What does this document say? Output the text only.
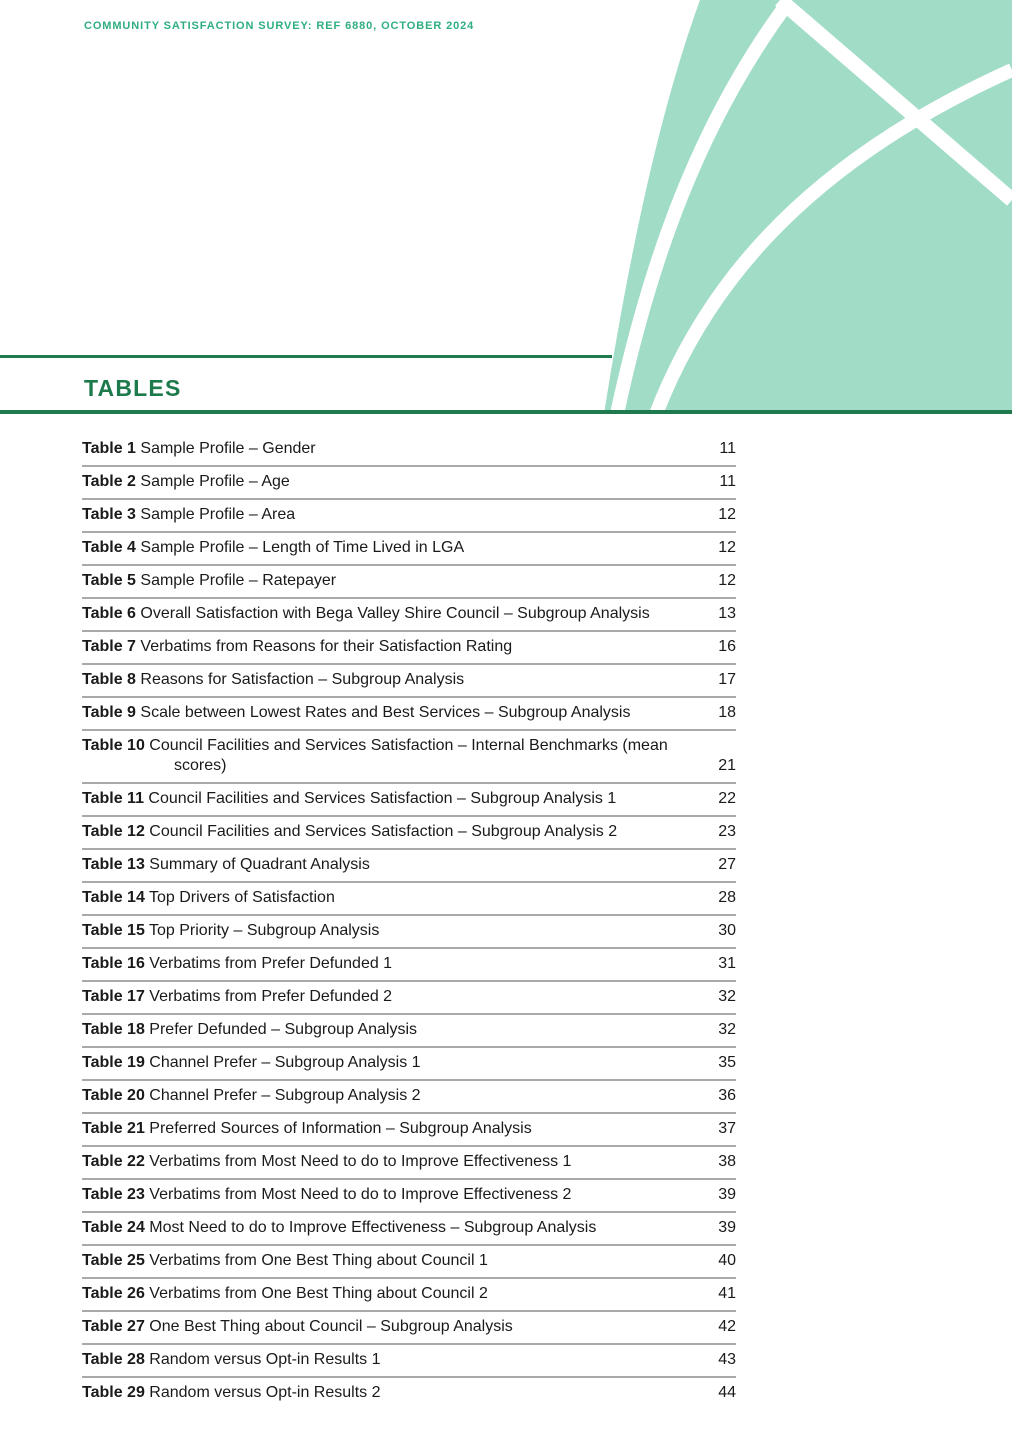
COMMUNITY SATISFACTION SURVEY: REF 6880, OCTOBER 2024
TABLES
Table 1 Sample Profile – Gender	11
Table 2 Sample Profile – Age	11
Table 3 Sample Profile – Area	12
Table 4 Sample Profile – Length of Time Lived in LGA	12
Table 5 Sample Profile – Ratepayer	12
Table 6 Overall Satisfaction with Bega Valley Shire Council – Subgroup Analysis	13
Table 7 Verbatims from Reasons for their Satisfaction Rating	16
Table 8 Reasons for Satisfaction – Subgroup Analysis	17
Table 9 Scale between Lowest Rates and Best Services – Subgroup Analysis	18
Table 10 Council Facilities and Services Satisfaction – Internal Benchmarks (mean scores)	21
Table 11 Council Facilities and Services Satisfaction – Subgroup Analysis 1	22
Table 12 Council Facilities and Services Satisfaction – Subgroup Analysis 2	23
Table 13 Summary of Quadrant Analysis	27
Table 14 Top Drivers of Satisfaction	28
Table 15 Top Priority – Subgroup Analysis	30
Table 16 Verbatims from Prefer Defunded 1	31
Table 17 Verbatims from Prefer Defunded 2	32
Table 18 Prefer Defunded – Subgroup Analysis	32
Table 19 Channel Prefer – Subgroup Analysis 1	35
Table 20 Channel Prefer – Subgroup Analysis 2	36
Table 21 Preferred Sources of Information – Subgroup Analysis	37
Table 22 Verbatims from Most Need to do to Improve Effectiveness 1	38
Table 23 Verbatims from Most Need to do to Improve Effectiveness 2	39
Table 24 Most Need to do to Improve Effectiveness – Subgroup Analysis	39
Table 25 Verbatims from One Best Thing about Council 1	40
Table 26 Verbatims from One Best Thing about Council 2	41
Table 27 One Best Thing about Council – Subgroup Analysis	42
Table 28 Random versus Opt-in Results 1	43
Table 29 Random versus Opt-in Results 2	44
